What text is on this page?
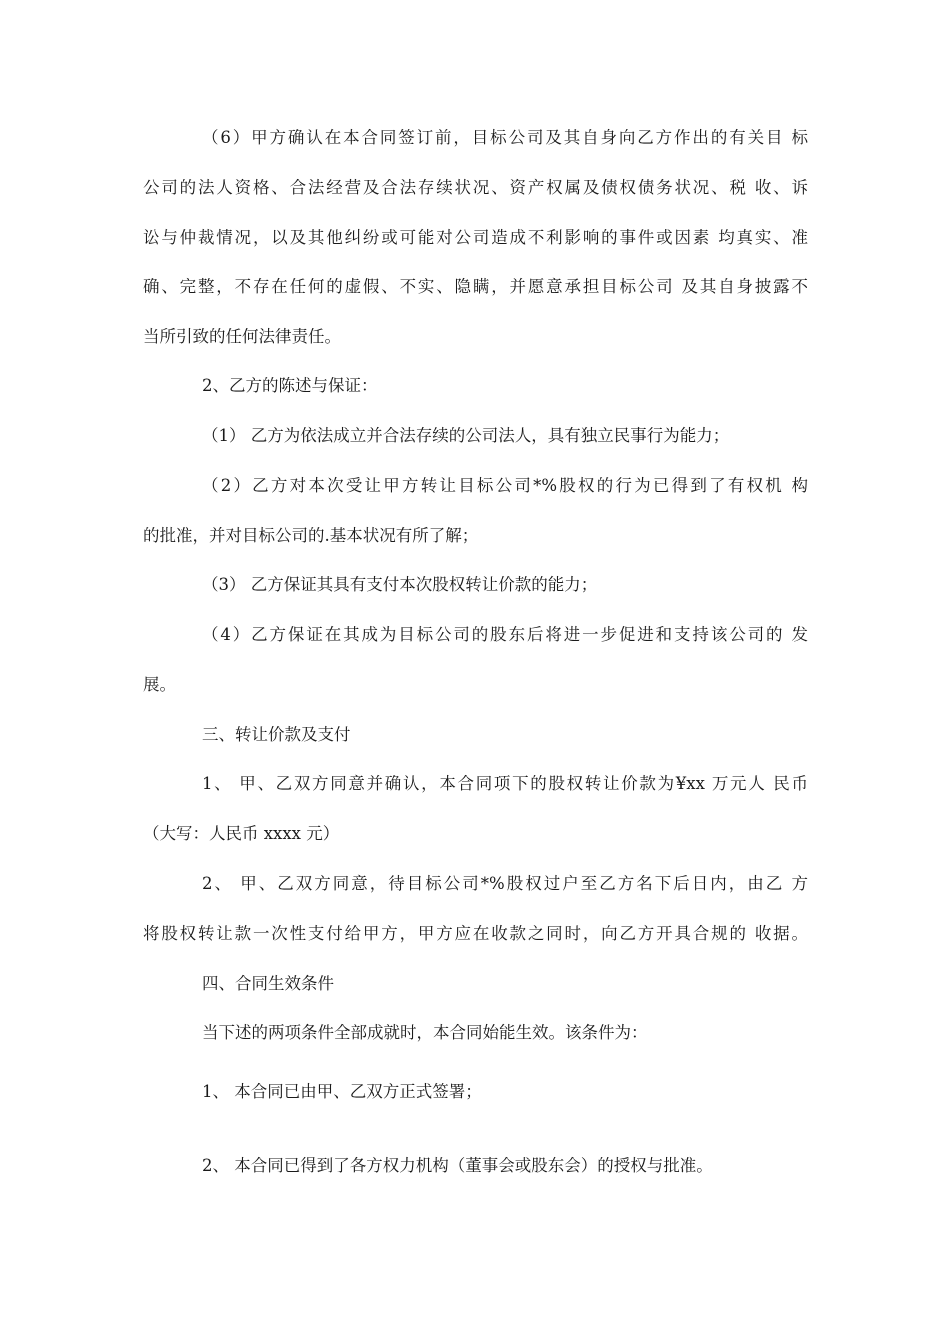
（6）甲方确认在本合同签订前，目标公司及其自身向乙方作出的有关目 标
公司的法人资格、合法经营及合法存续状况、资产权属及债权债务状况、税 收、诉
讼与仲裁情况，以及其他纠纷或可能对公司造成不利影响的事件或因素 均真实、准
确、完整，不存在任何的虚假、不实、隐瞒，并愿意承担目标公司 及其自身披露不
当所引致的任何法律责任。
2、乙方的陈述与保证：
（1） 乙方为依法成立并合法存续的公司法人，具有独立民事行为能力；
（2）乙方对本次受让甲方转让目标公司*%股权的行为已得到了有权机 构
的批准，并对目标公司的.基本状况有所了解；
（3） 乙方保证其具有支付本次股权转让价款的能力；
（4）乙方保证在其成为目标公司的股东后将进一步促进和支持该公司的 发
展。
三、转让价款及支付
1、 甲、乙双方同意并确认，本合同项下的股权转让价款为¥xx 万元人 民币
（大写：人民币 xxxx 元）
2、 甲、乙双方同意，待目标公司*%股权过户至乙方名下后日内，由乙 方
将股权转让款一次性支付给甲方，甲方应在收款之同时，向乙方开具合规的 收据。
四、合同生效条件
当下述的两项条件全部成就时，本合同始能生效。该条件为：
1、 本合同已由甲、乙双方正式签署；
2、 本合同已得到了各方权力机构（董事会或股东会）的授权与批准。
